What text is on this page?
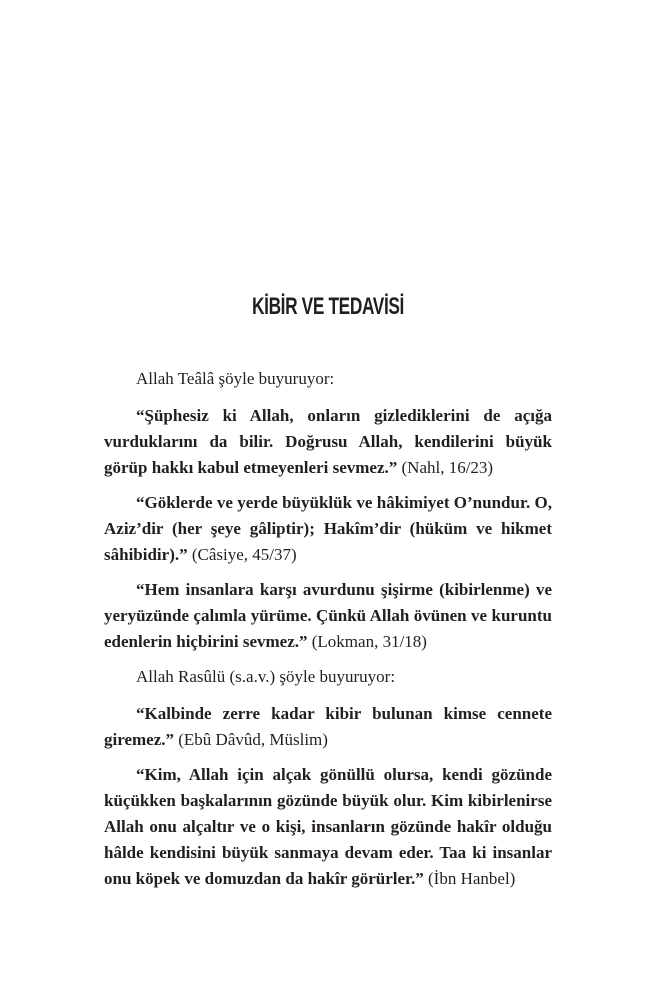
KİBİR VE TEDAVİSİ

Allah Teâlâ şöyle buyuruyor:

“Şüphesiz ki Allah, onların gizlediklerini de açığa vurduklarını da bilir. Doğrusu Allah, kendilerini büyük görüp hakkı kabul etmeyenleri sevmez.” (Nahl, 16/23)

“Göklerde ve yerde büyüklük ve hâkimiyet O’nundur. O, Aziz’dir (her şeye gâliptir); Hakîm’dir (hüküm ve hikmet sâhibidir).” (Câsiye, 45/37)

“Hem insanlara karşı avurdunu şişirme (kibirlenme) ve yeryüzünde çalımla yürüme. Çünkü Allah övünen ve kuruntu edenlerin hiçbirini sevmez.” (Lokman, 31/18)

Allah Rasûlü (s.a.v.) şöyle buyuruyor:

“Kalbinde zerre kadar kibir bulunan kimse cennete giremez.” (Ebû Dâvûd, Müslim)

“Kim, Allah için alçak gönüllü olursa, kendi gözünde küçükken başkalarının gözünde büyük olur. Kim kibirlenirse Allah onu alçaltır ve o kişi, insanların gözünde hakîr olduğu hâlde kendisini büyük sanmaya devam eder. Taa ki insanlar onu köpek ve domuzdan da hakîr görürler.” (İbn Hanbel)
